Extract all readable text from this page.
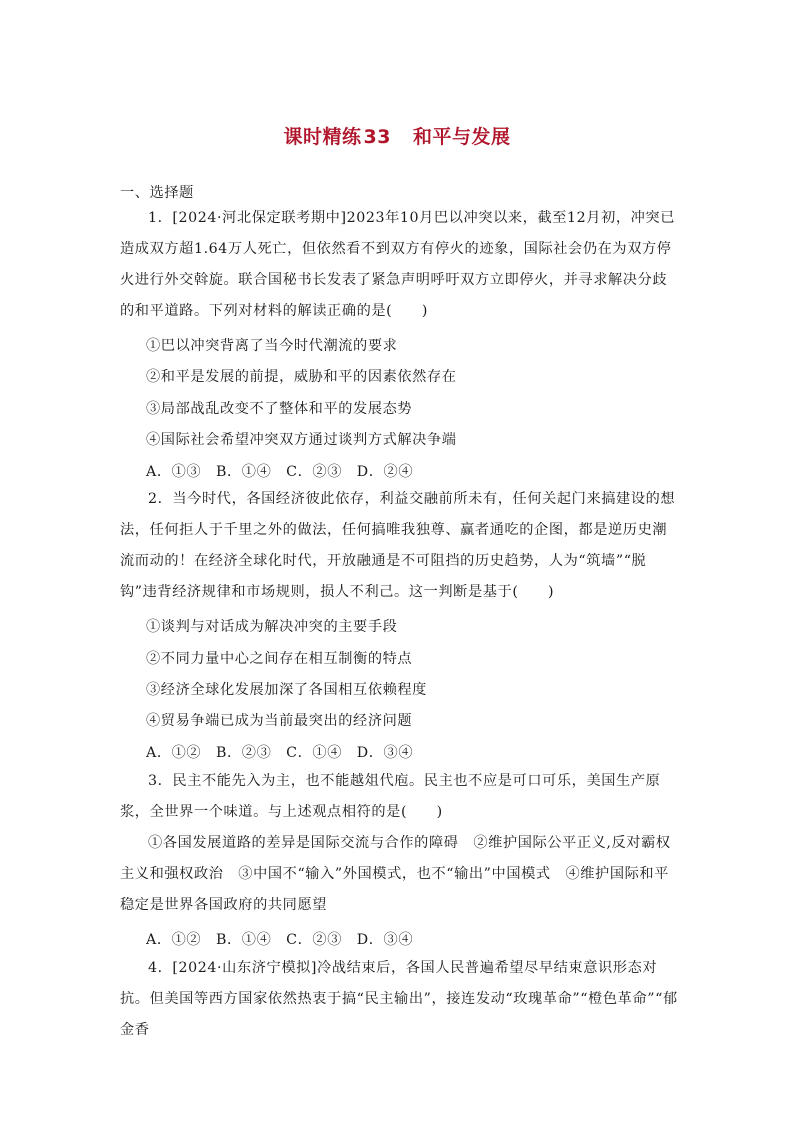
课时精练 33 和平与发展
一、选择题
1．[2024·河北保定联考期中]2023年10月巴以冲突以来，截至12月初，冲突已造成双方超1.64万人死亡，但依然看不到双方有停火的迹象，国际社会仍在为双方停火进行外交斡旋。联合国秘书长发表了紧急声明呼吁双方立即停火，并寻求解决分歧的和平道路。下列对材料的解读正确的是(　　)
①巴以冲突背离了当今时代潮流的要求
②和平是发展的前提，威胁和平的因素依然存在
③局部战乱改变不了整体和平的发展态势
④国际社会希望冲突双方通过谈判方式解决争端
A．①③　B．①④　C．②③　D．②④
2．当今时代，各国经济彼此依存，利益交融前所未有，任何关起门来搞建设的想法，任何拒人于千里之外的做法，任何搞唯我独尊、赢者通吃的企图，都是逆历史潮流而动的！在经济全球化时代，开放融通是不可阻挡的历史趋势，人为“筑墙”“脱钩”违背经济规律和市场规则，损人不利己。这一判断是基于(　　)
①谈判与对话成为解决冲突的主要手段
②不同力量中心之间存在相互制衡的特点
③经济全球化发展加深了各国相互依赖程度
④贸易争端已成为当前最突出的经济问题
A．①②　B．②③　C．①④　D．③④
3．民主不能先入为主，也不能越俎代庖。民主也不应是可口可乐，美国生产原浆，全世界一个味道。与上述观点相符的是(　　)
①各国发展道路的差异是国际交流与合作的障碍　②维护国际公平正义,反对霸权主义和强权政治　③中国不“输入”外国模式，也不“输出”中国模式　④维护国际和平稳定是世界各国政府的共同愿望
A．①②　B．①④　C．②③　D．③④
4．[2024·山东济宁模拟]冷战结束后，各国人民普遍希望尽早结束意识形态对抗。但美国等西方国家依然热衷于搞“民主输出”，接连发动“玫瑰革命”“橙色革命”“郁金香
